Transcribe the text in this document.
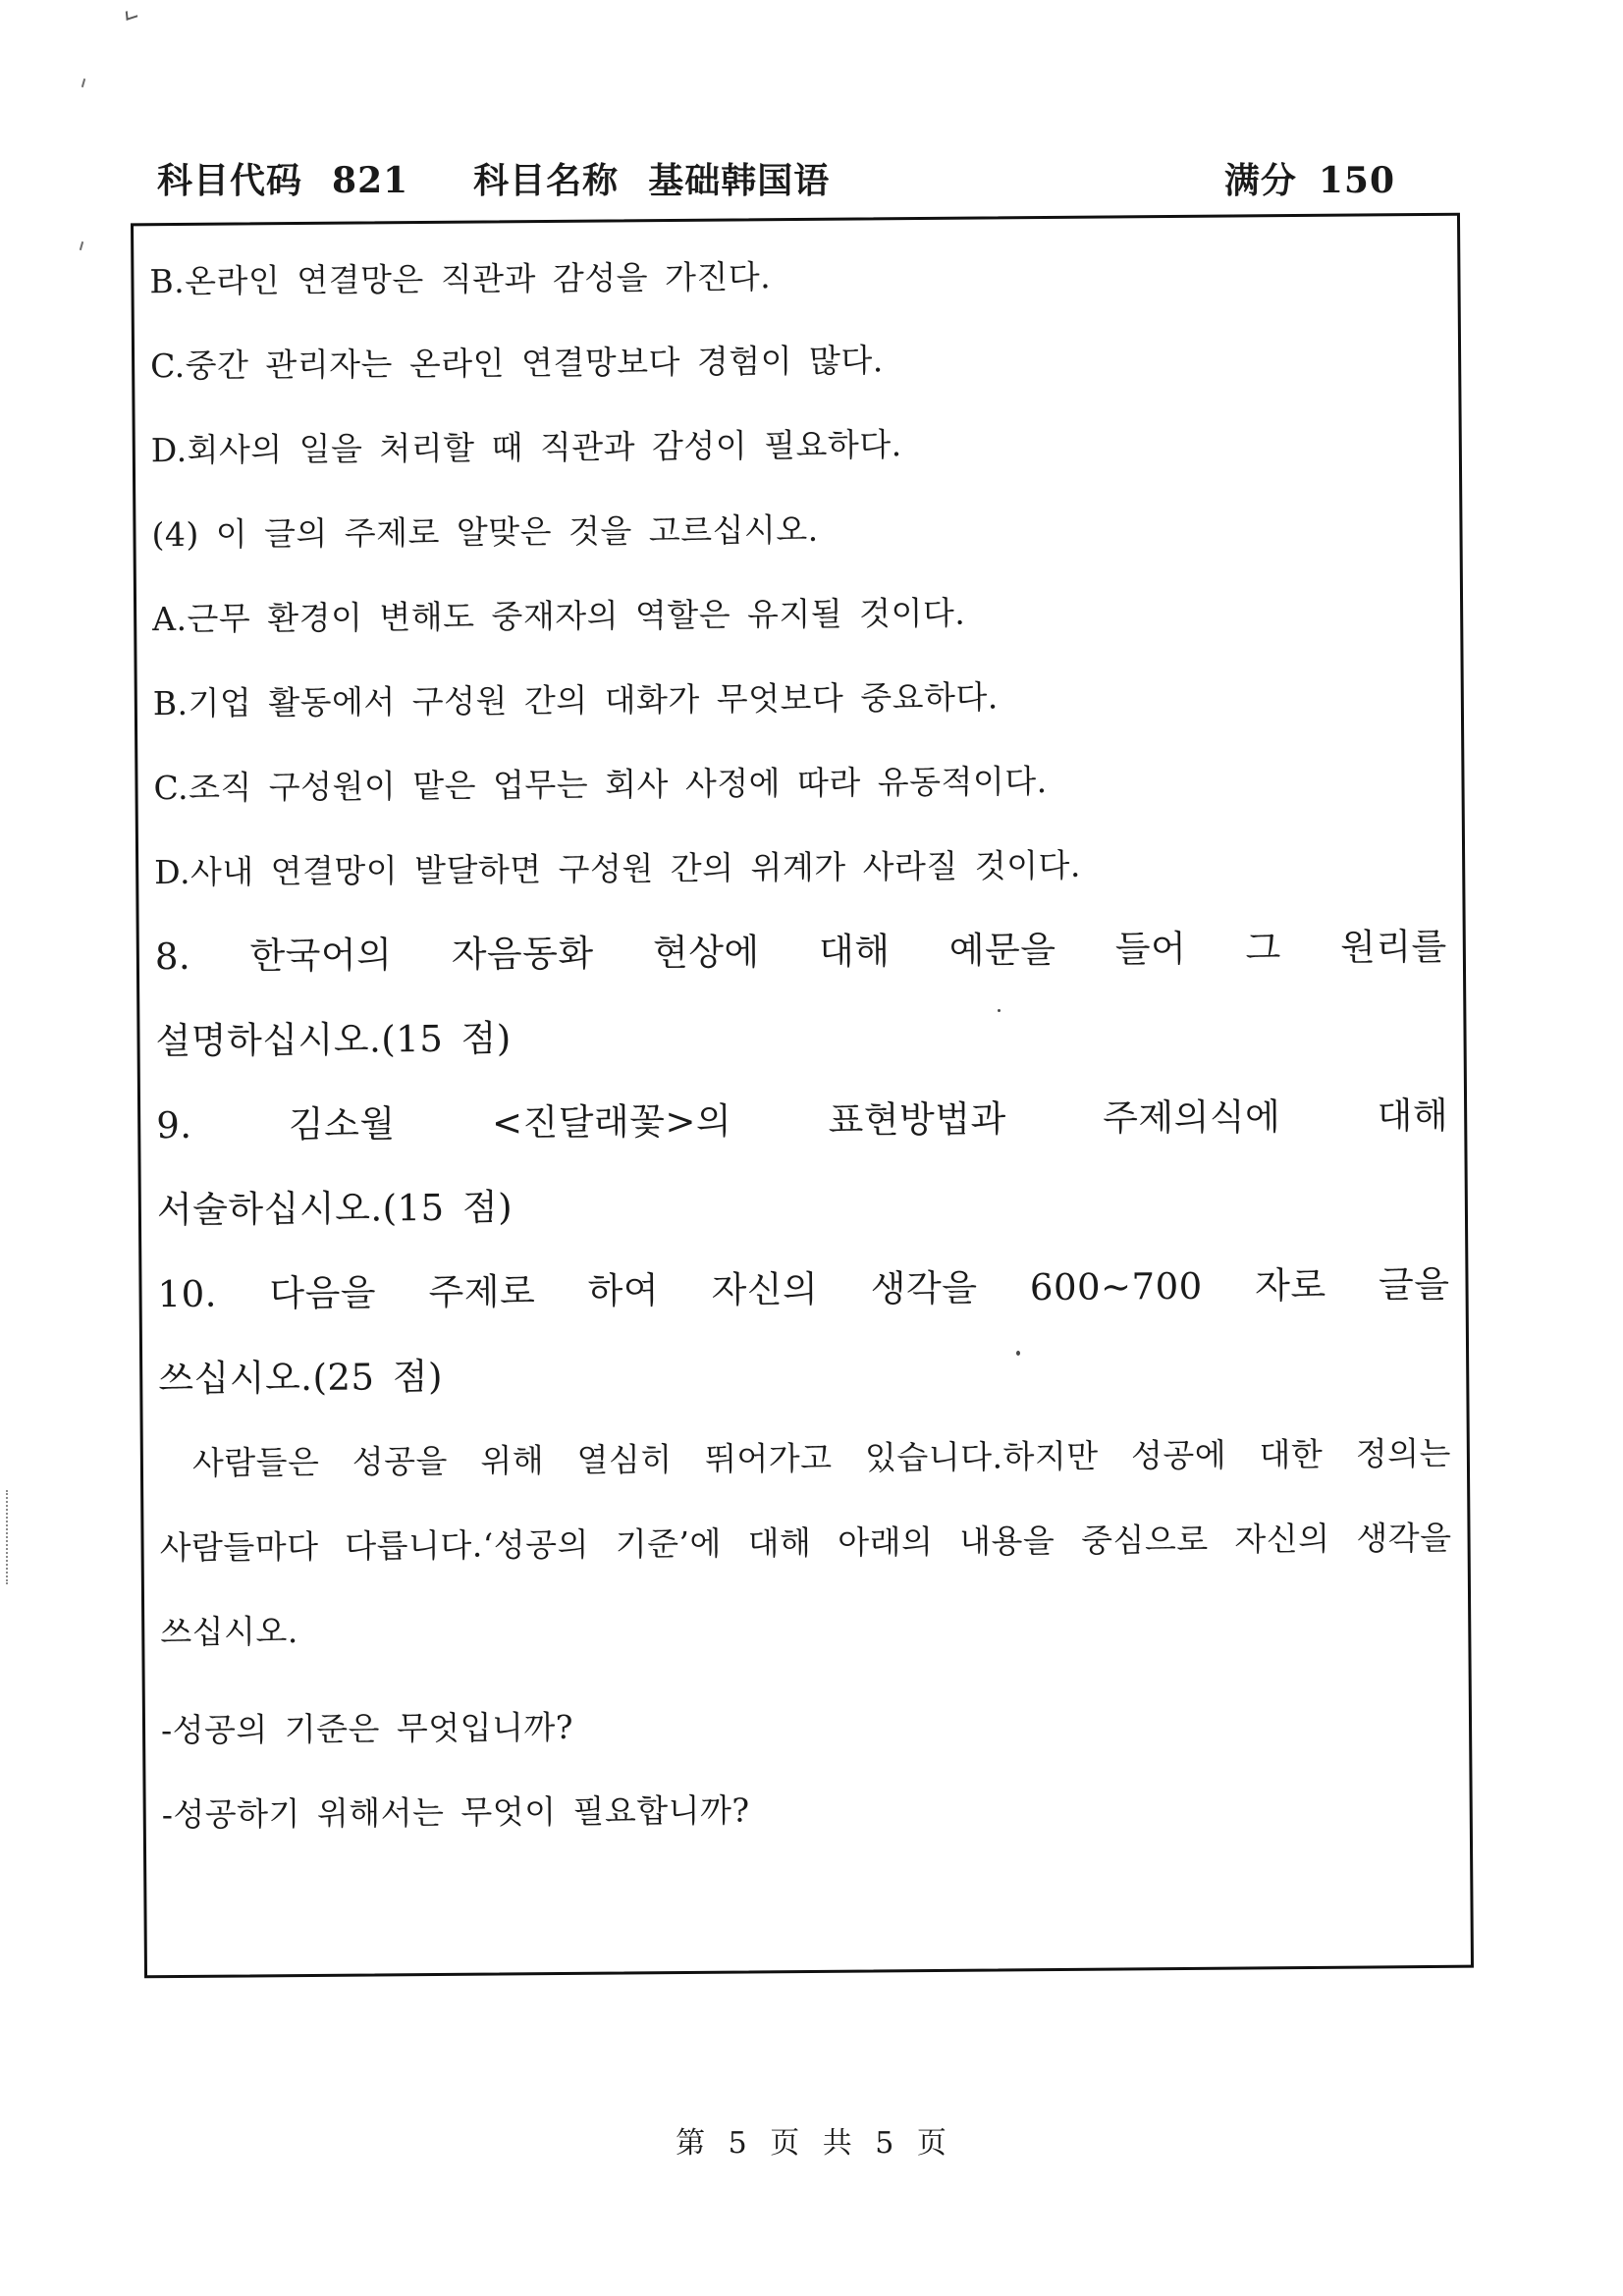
科目代码 821 科目名称 基础韩国语	满分 150
B.온라인 연결망은 직관과 감성을 가진다.
C.중간 관리자는 온라인 연결망보다 경험이 많다.
D.회사의 일을 처리할 때 직관과 감성이 필요하다.
(4) 이 글의 주제로 알맞은 것을 고르십시오.
A.근무 환경이 변해도 중재자의 역할은 유지될 것이다.
B.기업 활동에서 구성원 간의 대화가 무엇보다 중요하다.
C.조직 구성원이 맡은 업무는 회사 사정에 따라 유동적이다.
D.사내 연결망이 발달하면 구성원 간의 위계가 사라질 것이다.
8. 한국어의 자음동화 현상에 대해 예문을 들어 그 원리를
설명하십시오.(15 점)
9. 김소월 <진달래꽃>의 표현방법과 주제의식에 대해
서술하십시오.(15 점)
10. 다음을 주제로 하여 자신의 생각을 600~700 자로 글을
쓰십시오.(25 점)
사람들은 성공을 위해 열심히 뛰어가고 있습니다.하지만 성공에 대한 정의는
사람들마다 다릅니다.‘성공의 기준’에 대해 아래의 내용을 중심으로 자신의 생각을
쓰십시오.
-성공의 기준은 무엇입니까?
-성공하기 위해서는 무엇이 필요합니까?
第 5 页 共 5 页
